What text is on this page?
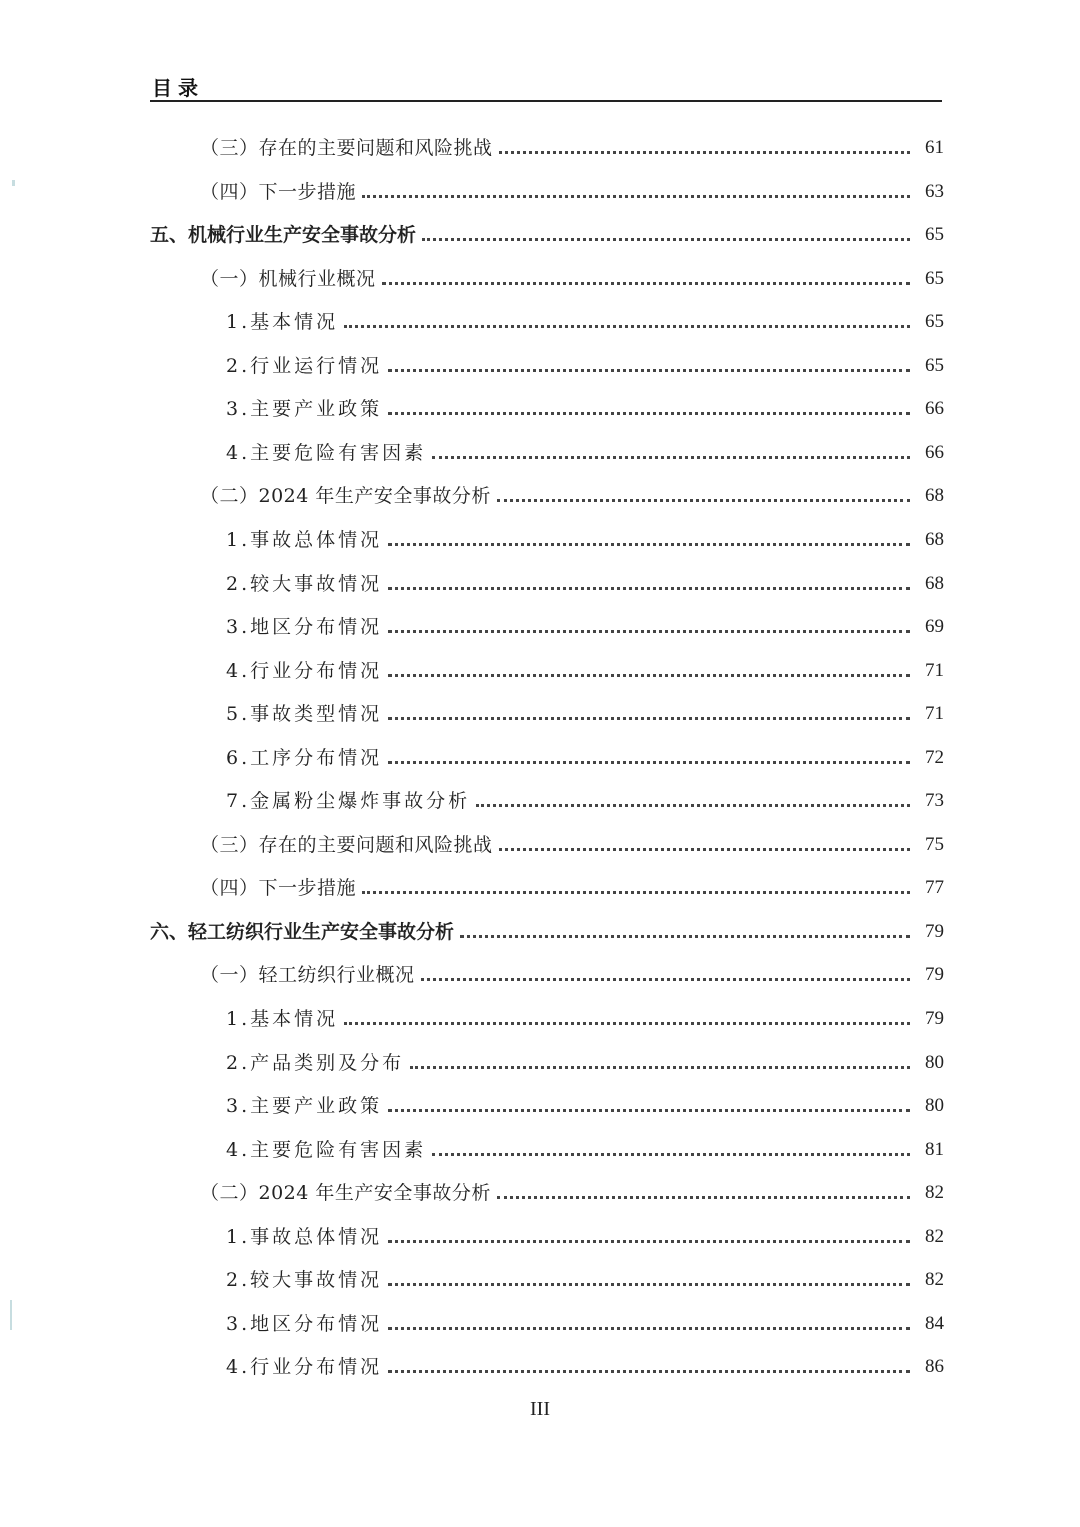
目录
（三）存在的主要问题和风险挑战	61
（四）下一步措施	63
五、机械行业生产安全事故分析	65
（一）机械行业概况	65
1.基本情况	65
2.行业运行情况	65
3.主要产业政策	66
4.主要危险有害因素	66
（二）2024 年生产安全事故分析	68
1.事故总体情况	68
2.较大事故情况	68
3.地区分布情况	69
4.行业分布情况	71
5.事故类型情况	71
6.工序分布情况	72
7.金属粉尘爆炸事故分析	73
（三）存在的主要问题和风险挑战	75
（四）下一步措施	77
六、轻工纺织行业生产安全事故分析	79
（一）轻工纺织行业概况	79
1.基本情况	79
2.产品类别及分布	80
3.主要产业政策	80
4.主要危险有害因素	81
（二）2024 年生产安全事故分析	82
1.事故总体情况	82
2.较大事故情况	82
3.地区分布情况	84
4.行业分布情况	86
III
